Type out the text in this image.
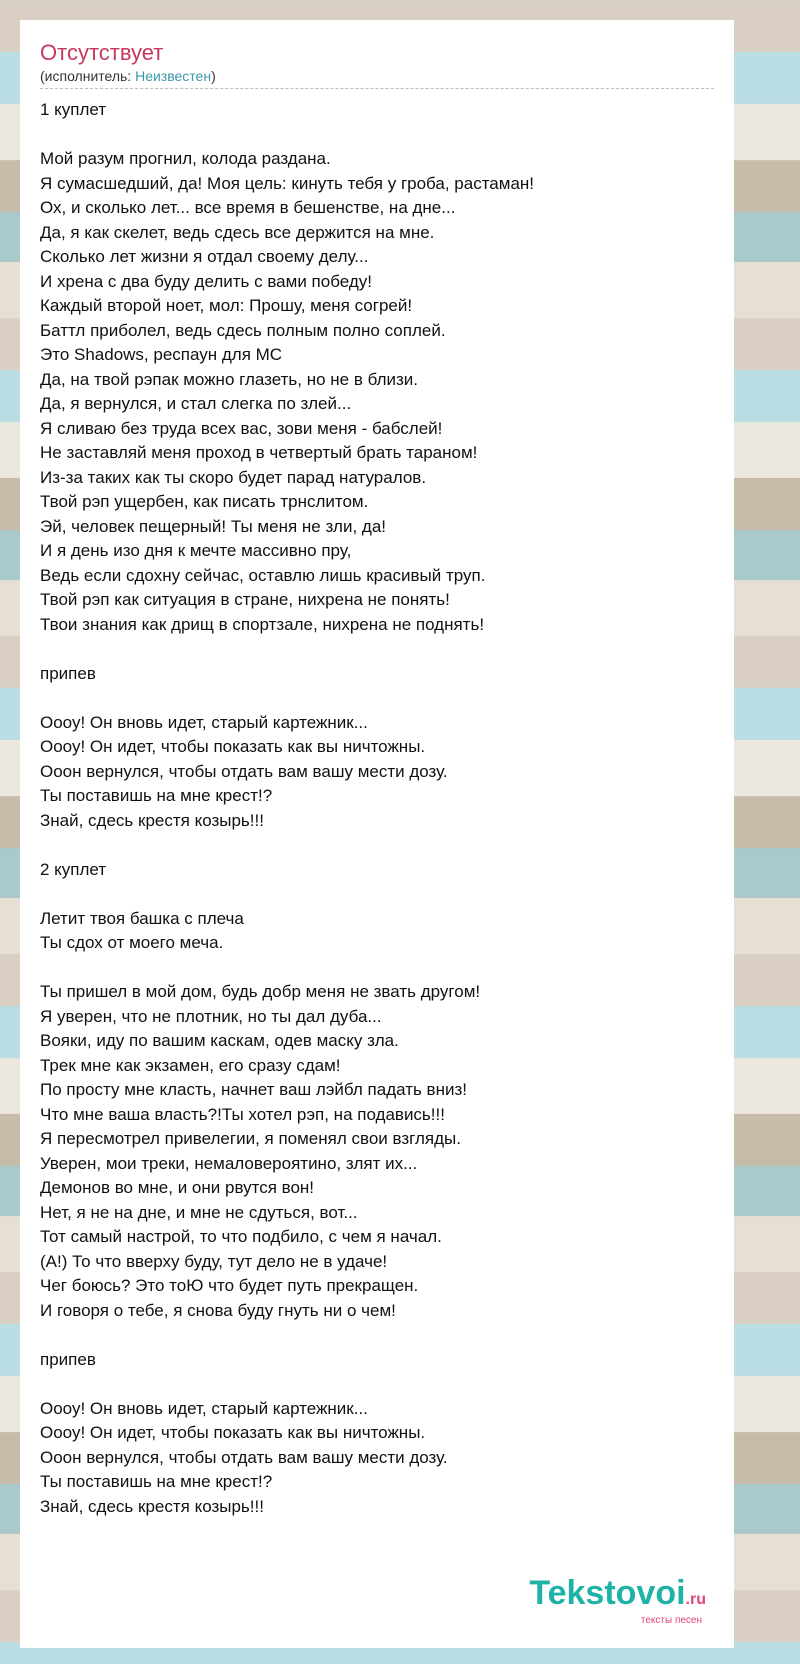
Отсутствует
(исполнитель: Неизвестен)
1 куплет
Мой разум прогнил, колода раздана.
Я сумасшедший, да! Моя цель: кинуть тебя у гроба, растаман!
Ох, и сколько лет... все время в бешенстве, на дне...
Да, я как скелет, ведь сдесь все держится на мне.
Сколько лет жизни я отдал своему делу...
И хрена с два буду делить с вами победу!
Каждый второй ноет, мол: Прошу, меня согрей!
Баттл приболел, ведь сдесь полным полно соплей.
Это Shadows, респаун для MC
Да, на твой рэпак можно глазеть, но не в близи.
Да, я вернулся, и стал слегка по злей...
Я сливаю без труда всех вас, зови меня - бабслей!
Не заставляй меня проход в четвертый брать тараном!
Из-за таких как ты скоро будет парад натуралов.
Твой рэп ущербен, как писать трнслитом.
Эй, человек пещерный! Ты меня не зли, да!
И я день изо дня к мечте массивно пру,
Ведь если сдохну сейчас, оставлю лишь красивый труп.
Твой рэп как ситуация в стране, нихрена не понять!
Твои знания как дрищ в спортзале, нихрена не поднять!
припев
Оооу! Он вновь идет, старый картежник...
Оооу! Он идет, чтобы показать как вы ничтожны.
Ооон вернулся, чтобы отдать вам вашу мести дозу.
Ты поставишь на мне крест!?
Знай, сдесь крестя козырь!!!
2 куплет
Летит твоя башка с плеча
Ты сдох от моего меча.
Ты пришел в мой дом, будь добр меня не звать другом!
Я уверен, что не плотник, но ты дал дуба...
Вояки, иду по вашим каскам, одев маску зла.
Трек мне как экзамен, его сразу сдам!
По просту мне класть, начнет ваш лэйбл падать вниз!
Что мне ваша власть?!Ты хотел рэп, на подавись!!!
Я пересмотрел привелегии, я поменял свои взгляды.
Уверен, мои треки, немаловероятино, злят их...
Демонов во мне, и они рвутся вон!
Нет, я не на дне, и мне не сдуться, вот...
Тот самый настрой, то что подбило, с чем я начал.
(А!) То что вверху буду, тут дело не в удаче!
Чег боюсь? Это тоЮ что будет путь прекращен.
И говоря о тебе, я снова буду гнуть ни о чем!
припев
Оооу! Он вновь идет, старый картежник...
Оооу! Он идет, чтобы показать как вы ничтожны.
Ооон вернулся, чтобы отдать вам вашу мести дозу.
Ты поставишь на мне крест!?
Знай, сдесь крестя козырь!!!
Tekstovoi.ru
тексты песен
